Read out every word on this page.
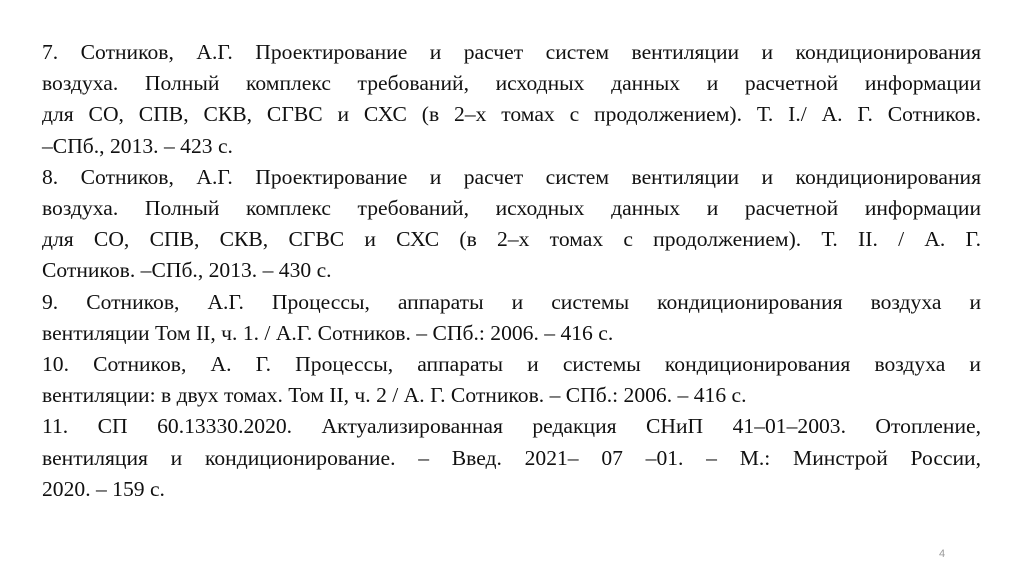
7. Сотников, А.Г. Проектирование и расчет систем вентиляции и кондиционирования
воздуха. Полный комплекс требований, исходных данных и расчетной информации
для СО, СПВ, СКВ, СГВС и СХС (в 2–х томах с продолжением). Т. I./ А. Г. Сотников.
–СПб., 2013. – 423 с.

8. Сотников, А.Г. Проектирование и расчет систем вентиляции и кондиционирования
воздуха. Полный комплекс требований, исходных данных и расчетной информации
для СО, СПВ, СКВ, СГВС и СХС (в 2–х томах с продолжением). Т. II. / А. Г.
Сотников. –СПб., 2013. – 430 с.

9. Сотников, А.Г. Процессы, аппараты и системы кондиционирования воздуха и
вентиляции Том II, ч. 1. / А.Г. Сотников. – СПб.: 2006. – 416 с.

10. Сотников, А. Г. Процессы, аппараты и системы кондиционирования воздуха и
вентиляции: в двух томах. Том II, ч. 2 / А. Г. Сотников. – СПб.: 2006. – 416 с.

11. СП 60.13330.2020. Актуализированная редакция СНиП 41–01–2003. Отопление,
вентиляция и кондиционирование. – Введ. 2021– 07 –01. – М.: Минстрой России,
2020. – 159 с.

4
